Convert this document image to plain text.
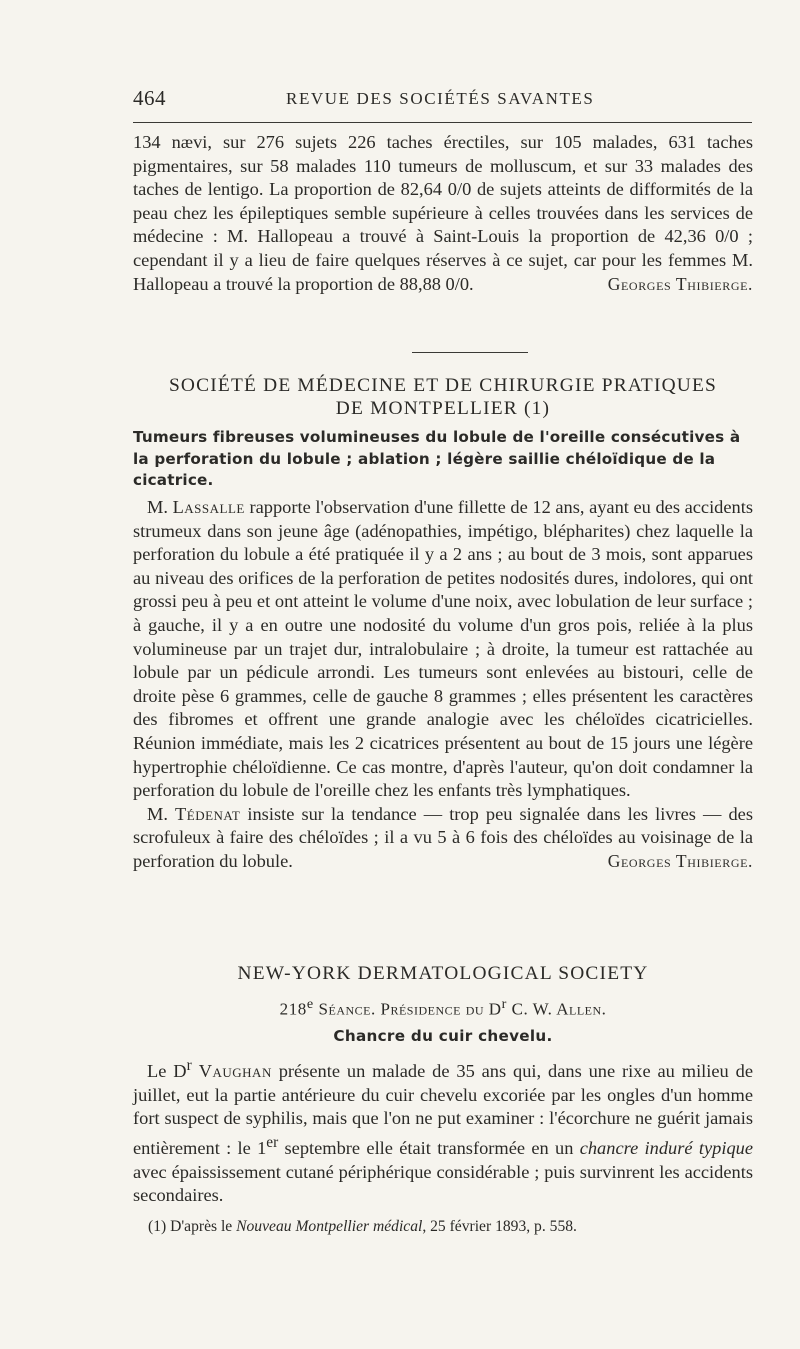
464	REVUE DES SOCIÉTÉS SAVANTES

134 nævi, sur 276 sujets 226 taches érectiles, sur 105 malades, 631 taches pigmentaires, sur 58 malades 110 tumeurs de molluscum, et sur 33 malades des taches de lentigo. La proportion de 82,64 0/0 de sujets atteints de difformités de la peau chez les épileptiques semble supérieure à celles trouvées dans les services de médecine : M. Hallopeau a trouvé à Saint-Louis la proportion de 42,36 0/0 ; cependant il y a lieu de faire quelques réserves à ce sujet, car pour les femmes M. Hallopeau a trouvé la proportion de 88,88 0/0.	Georges Thibierge.

SOCIÉTÉ DE MÉDECINE ET DE CHIRURGIE PRATIQUES
DE MONTPELLIER (1)
Tumeurs fibreuses volumineuses du lobule de l'oreille consécutives à la perforation du lobule ; ablation ; légère saillie chéloïdique de la cicatrice.

M. Lassalle rapporte l'observation d'une fillette de 12 ans, ayant eu des accidents strumeux dans son jeune âge (adénopathies, impétigo, blépharites) chez laquelle la perforation du lobule a été pratiquée il y a 2 ans ; au bout de 3 mois, sont apparues au niveau des orifices de la perforation de petites nodosités dures, indolores, qui ont grossi peu à peu et ont atteint le volume d'une noix, avec lobulation de leur surface ; à gauche, il y a en outre une nodosité du volume d'un gros pois, reliée à la plus volumineuse par un trajet dur, intralobulaire ; à droite, la tumeur est rattachée au lobule par un pédicule arrondi. Les tumeurs sont enlevées au bistouri, celle de droite pèse 6 grammes, celle de gauche 8 grammes ; elles présentent les caractères des fibromes et offrent une grande analogie avec les chéloïdes cicatricielles. Réunion immédiate, mais les 2 cicatrices présentent au bout de 15 jours une légère hypertrophie chéloïdienne. Ce cas montre, d'après l'auteur, qu'on doit condamner la perforation du lobule de l'oreille chez les enfants très lymphatiques.

M. Tédenat insiste sur la tendance — trop peu signalée dans les livres — des scrofuleux à faire des chéloïdes ; il a vu 5 à 6 fois des chéloïdes au voisinage de la perforation du lobule.	Georges Thibierge.

NEW-YORK DERMATOLOGICAL SOCIETY
218e Séance. Présidence du $D^r$ C. W. Allen.
Chancre du cuir chevelu.

Le $D^r$ Vaughan présente un malade de 35 ans qui, dans une rixe au milieu de juillet, eut la partie antérieure du cuir chevelu excoriée par les ongles d'un homme fort suspect de syphilis, mais que l'on ne put examiner : l'écorchure ne guérit jamais entièrement : le 1er septembre elle était transformée en un chancre induré typique avec épaississement cutané périphérique considérable ; puis survinrent les accidents secondaires.

(1) D'après le Nouveau Montpellier médical, 25 février 1893, p. 558.
